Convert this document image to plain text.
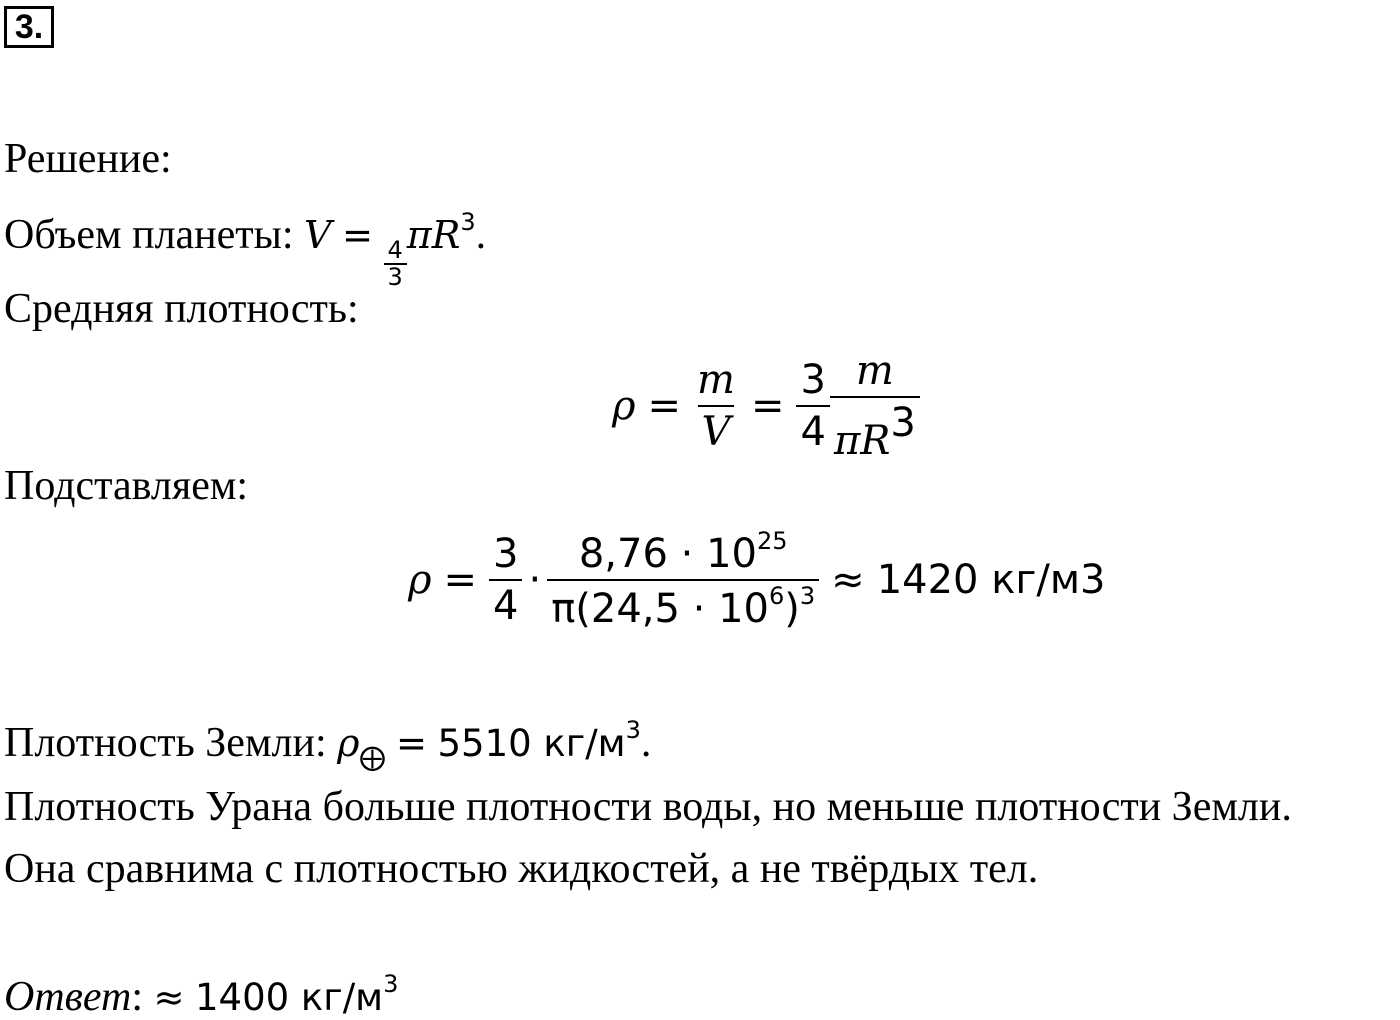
3.
Решение:
Объем планеты: V =
$\frac{4}{3}$
$\pi R^3$.
Средняя плотность:
$\rho = \frac{m}{V} = \frac{3}{4} \frac{m}{\pi R3}$
Подставляем:
$\rho = \frac{3}{4} \cdot \frac{8,76 \cdot 10^{25}}{\pi(24,5 \cdot 10^6)^3} \approx 1420$ кг/м 3
Плотность Земли: $\rho_⨁ = 5510$ $кг/м^3$.
Плотность Урана больше плотности воды, но меньше плотности Земли.
Она сравнима с плотностью жидкостей, а не твёрдых тел.
Ответ: ≈ 1400 $кг/м^3$
